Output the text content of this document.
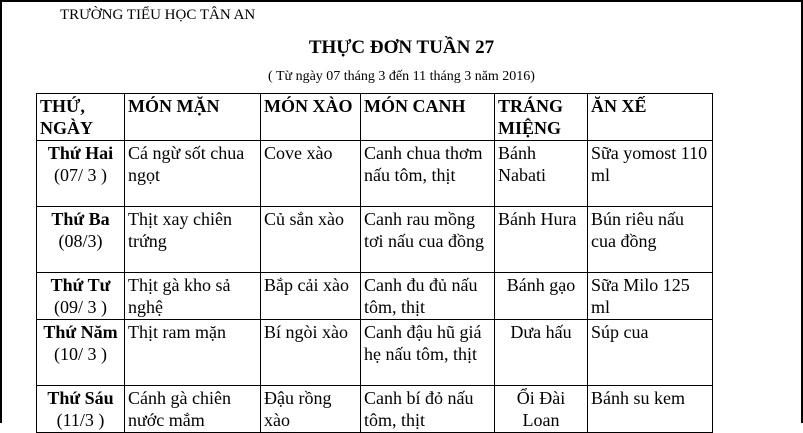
TRƯỜNG TIỂU HỌC TÂN AN
THỰC ĐƠN TUẦN 27
( Từ ngày 07 tháng 3 đến 11 tháng 3 năm 2016)
THỨ, NGÀY	MÓN MẶN	MÓN XÀO	MÓN CANH	TRÁNG MIỆNG	ĂN XẾ

Thứ Hai
(07/ 3 )	Cá ngừ sốt chua ngọt	Cove xào	Canh chua thơm nấu tôm, thịt	Bánh Nabati	Sữa yomost 110 ml

Thứ Ba
(08/3)	Thịt xay chiên trứng	Củ sắn xào	Canh rau mồng tơi nấu cua đồng	Bánh Hura	Bún riêu nấu cua đồng

Thứ Tư
(09/ 3 )	Thịt gà kho sả nghệ	Bắp cải xào	Canh đu đủ nấu tôm, thịt	Bánh gạo	Sữa Milo 125 ml

Thứ Năm
(10/ 3 )	Thịt ram mặn	Bí ngòi xào	Canh đậu hũ giá hẹ nấu tôm, thịt	Dưa hấu	Súp cua

Thứ Sáu
(11/3 )	Cánh gà chiên nước mắm	Đậu rồng xào	Canh bí đỏ nấu tôm, thịt	Ổi Đài Loan	Bánh su kem
